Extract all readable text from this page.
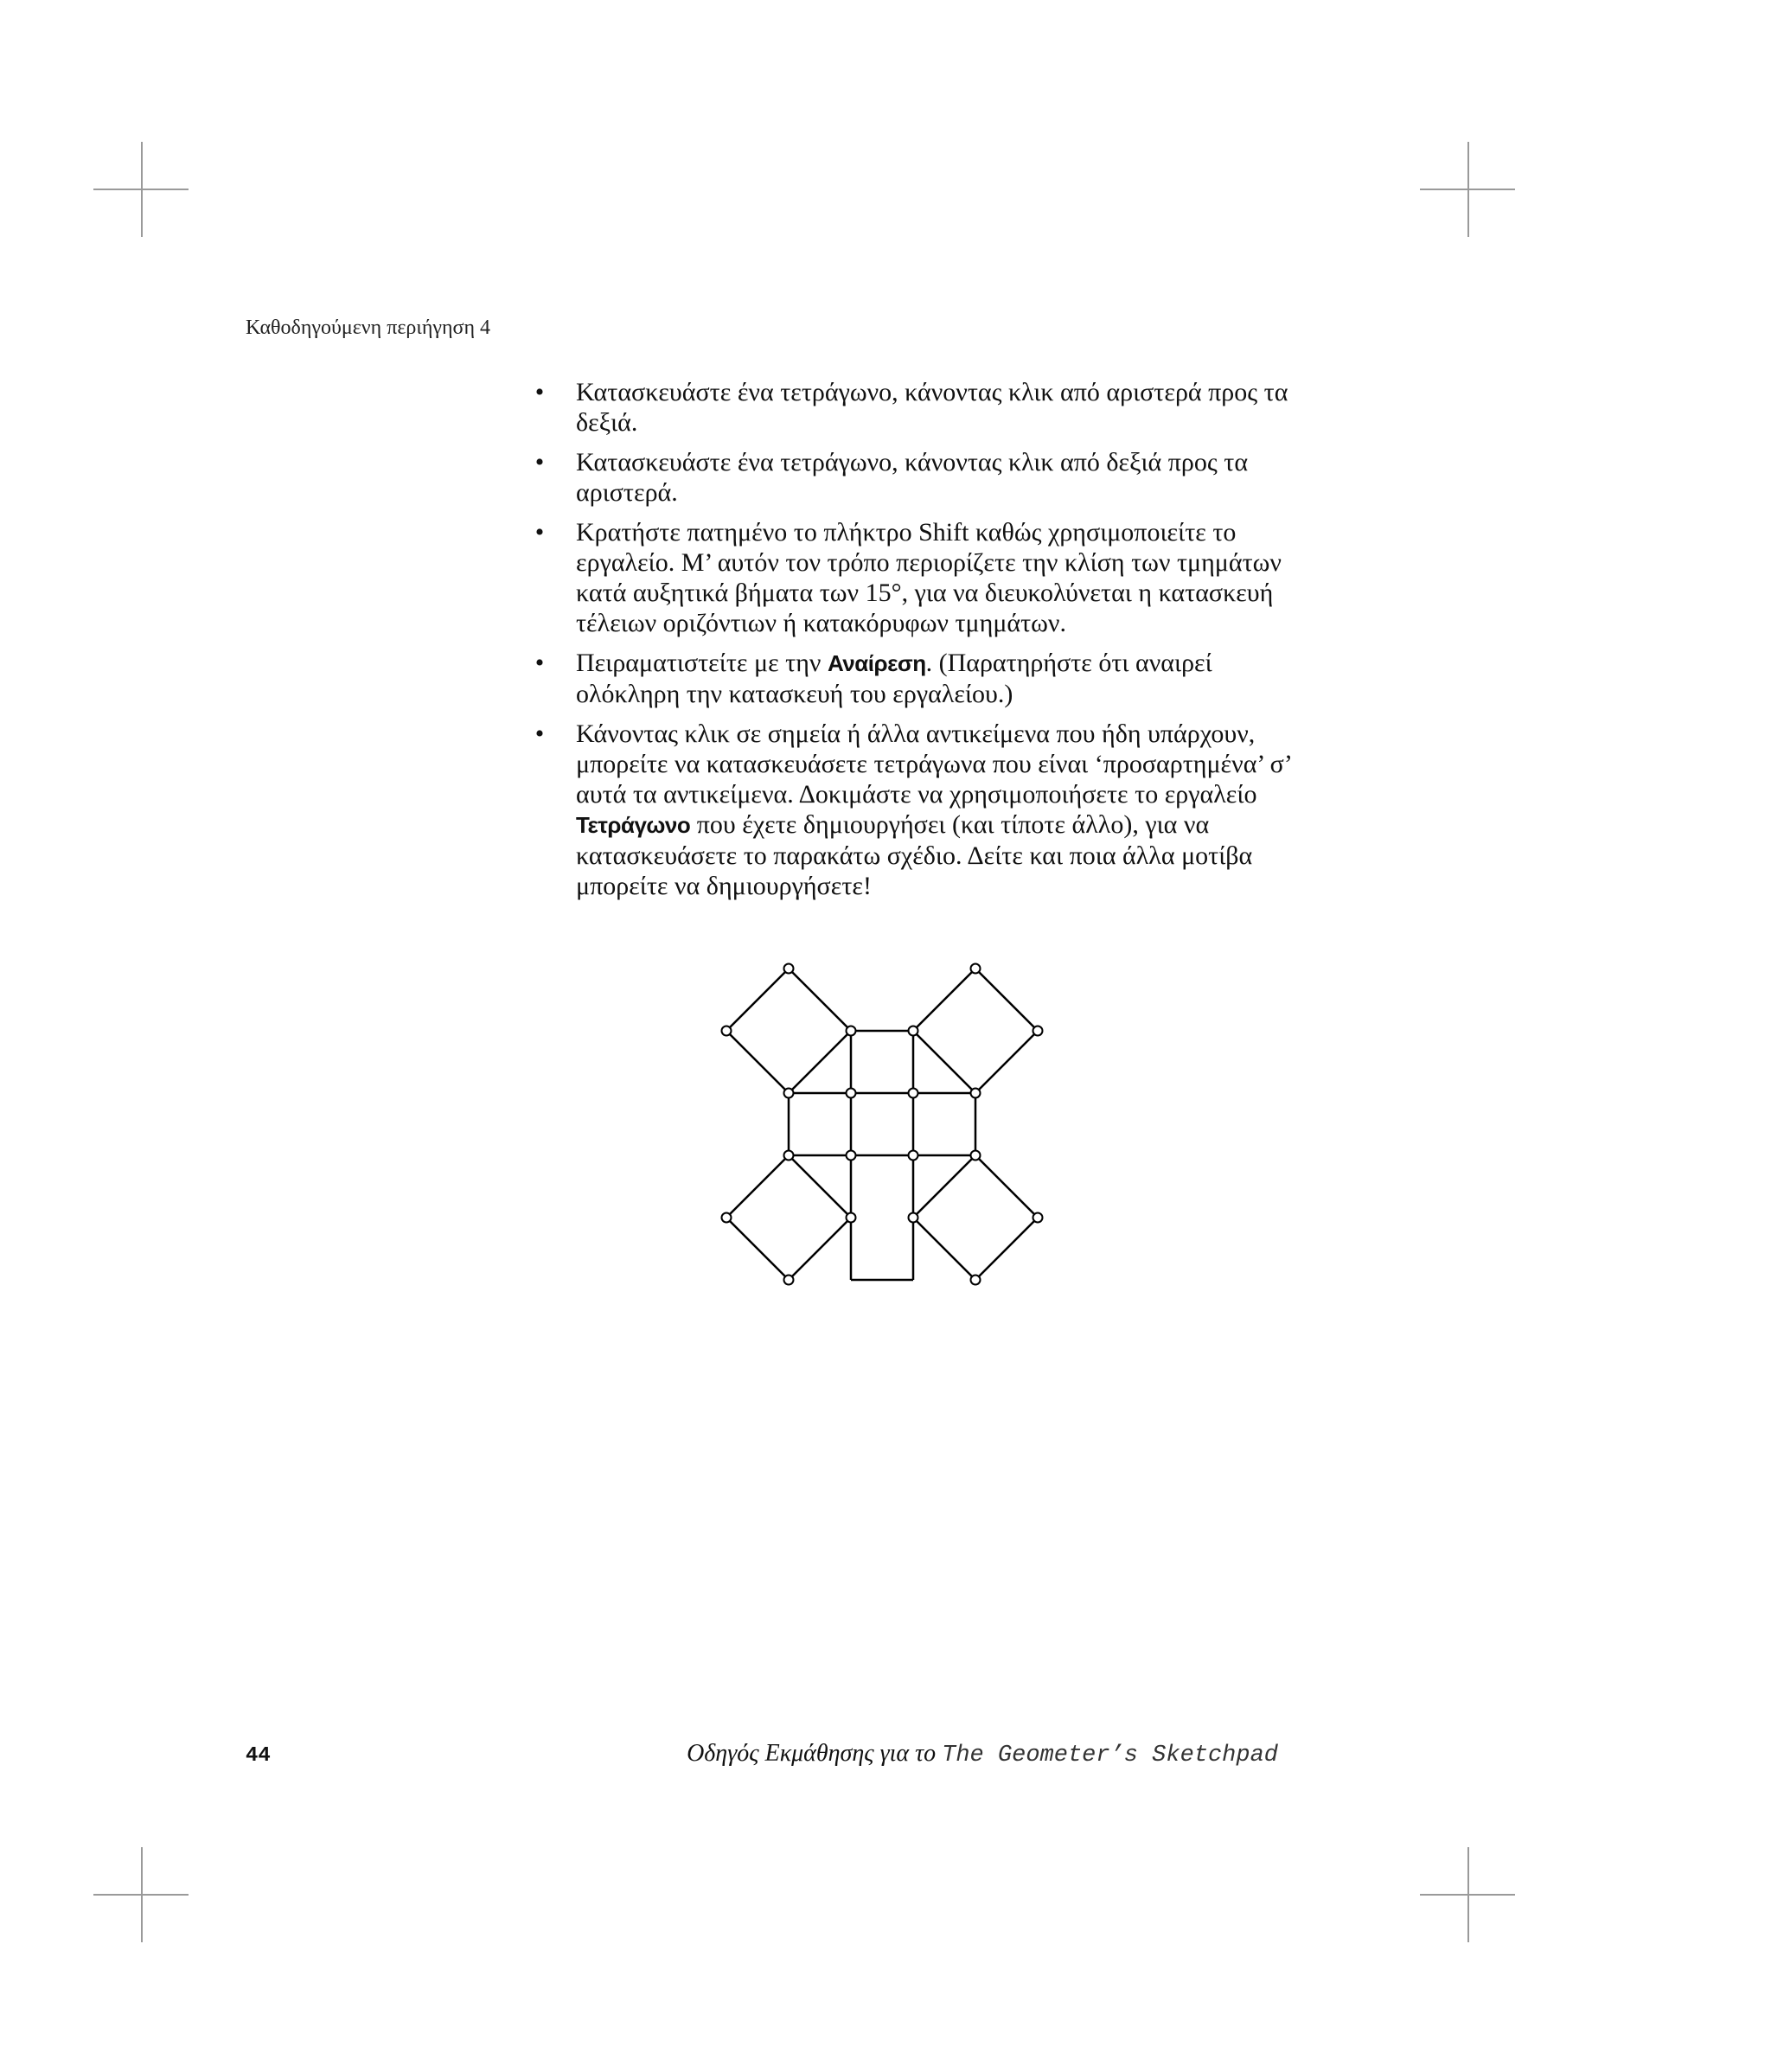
Καθοδηγούμενη περιήγηση 4
• Κατασκευάστε ένα τετράγωνο, κάνοντας κλικ από αριστερά προς τα δεξιά.
• Κατασκευάστε ένα τετράγωνο, κάνοντας κλικ από δεξιά προς τα αριστερά.
• Κρατήστε πατημένο το πλήκτρο Shift καθώς χρησιμοποιείτε το εργαλείο. Μ’ αυτόν τον τρόπο περιορίζετε την κλίση των τμημάτων κατά αυξητικά βήματα των 15°, για να διευκολύνεται η κατασκευή τέλειων οριζόντιων ή κατακόρυφων τμημάτων.
• Πειραματιστείτε με την Αναίρεση. (Παρατηρήστε ότι αναιρεί ολόκληρη την κατασκευή του εργαλείου.)
• Κάνοντας κλικ σε σημεία ή άλλα αντικείμενα που ήδη υπάρχουν, μπορείτε να κατασκευάσετε τετράγωνα που είναι ‘προσαρτημένα’ σ’ αυτά τα αντικείμενα. Δοκιμάστε να χρησιμοποιήσετε το εργαλείο Τετράγωνο που έχετε δημιουργήσει (και τίποτε άλλο), για να κατασκευάσετε το παρακάτω σχέδιο. Δείτε και ποια άλλα μοτίβα μπορείτε να δημιουργήσετε!
44	Οδηγός Εκμάθησης για το The Geometer’s Sketchpad
